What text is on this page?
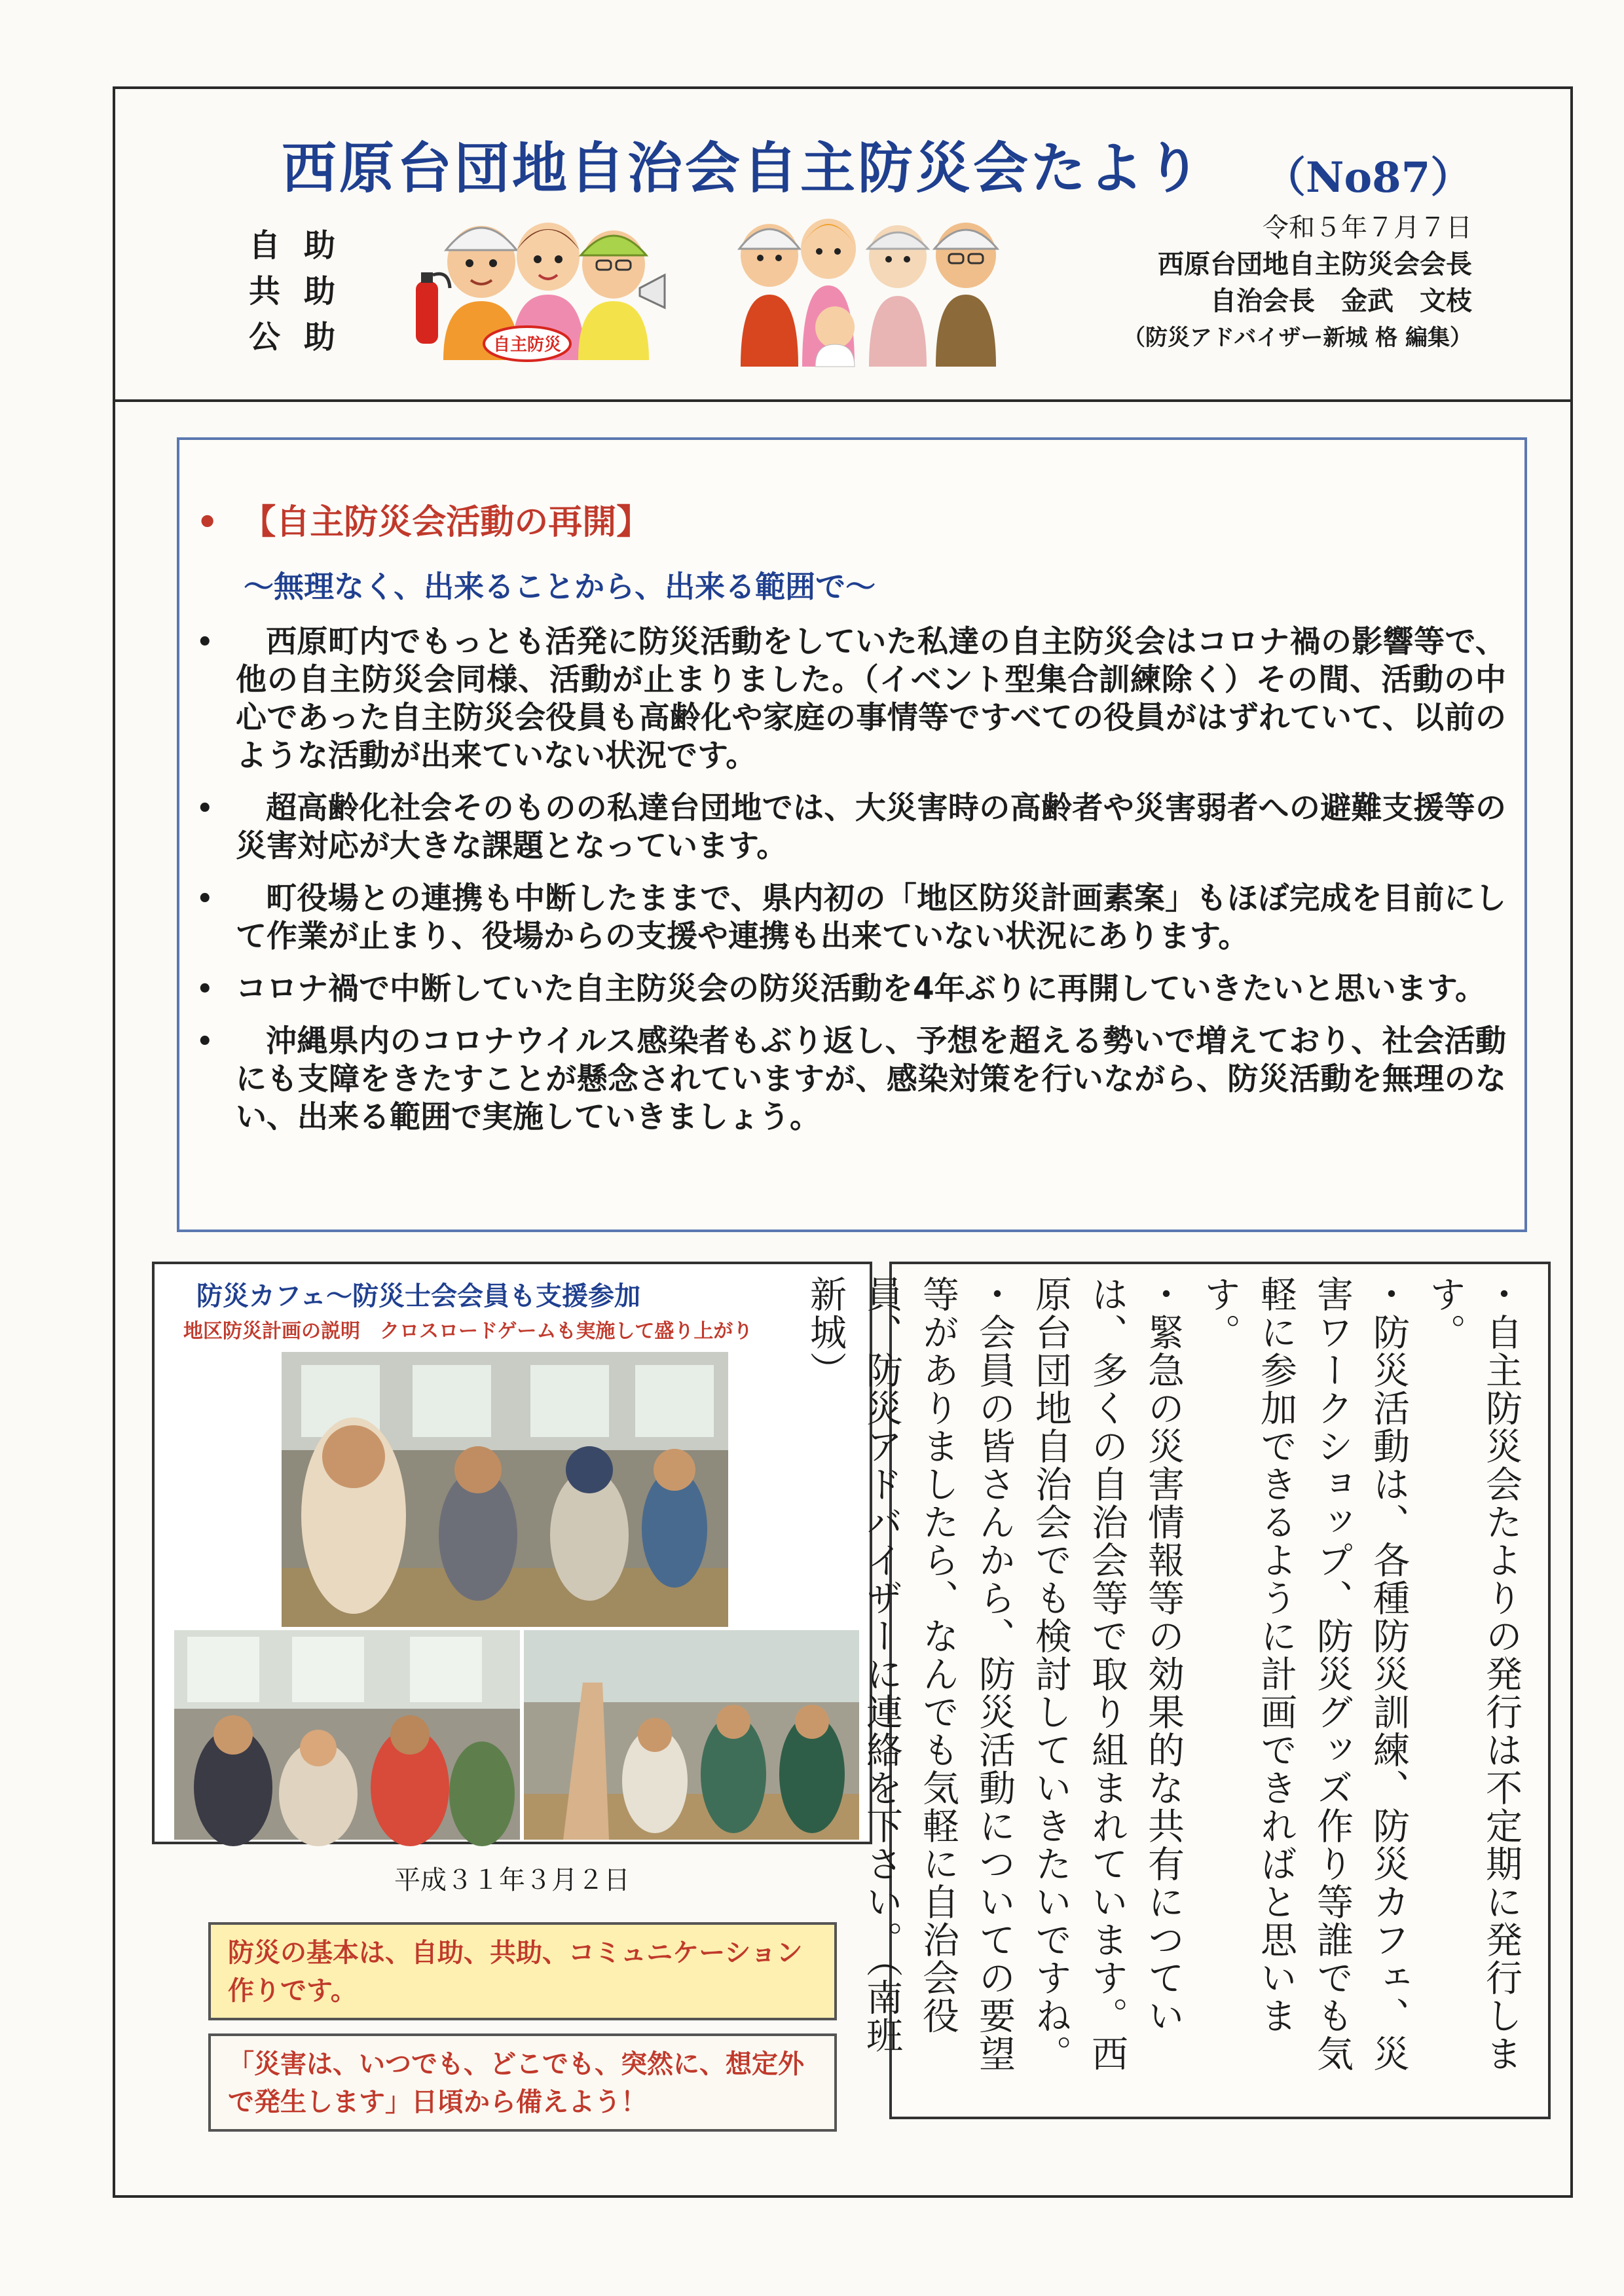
西原台団地自治会自主防災会たより （No87）
自助
共助
公助	自主防災
令和５年７月７日
西原台団地自主防災会会長
自治会長　金武　文枝
（防災アドバイザー新城 格 編集）
• 【自主防災会活動の再開】
～無理なく、出来ることから、出来る範囲で～
• 西原町内でもっとも活発に防災活動をしていた私達の自主防災会はコロナ禍の影響等で、他の自主防災会同様、活動が止まりました。（イベント型集合訓練除く）その間、活動の中心であった自主防災会役員も高齢化や家庭の事情等ですべての役員がはずれていて、以前のような活動が出来ていない状況です。
• 超高齢化社会そのものの私達台団地では、大災害時の高齢者や災害弱者への避難支援等の災害対応が大きな課題となっています。
• 町役場との連携も中断したままで、県内初の「地区防災計画素案」もほぼ完成を目前にして作業が止まり、役場からの支援や連携も出来ていない状況にあります。
• コロナ禍で中断していた自主防災会の防災活動を4年ぶりに再開していきたいと思います。
• 沖縄県内のコロナウイルス感染者もぶり返し、予想を超える勢いで増えており、社会活動にも支障をきたすことが懸念されていますが、感染対策を行いながら、防災活動を無理のない、出来る範囲で実施していきましょう。
防災カフェ～防災士会会員も支援参加
地区防災計画の説明　クロスロードゲームも実施して盛り上がり
平成３１年３月２日
防災の基本は、自助、共助、コミュニケーション作りです。
「災害は、いつでも、どこでも、突然に、想定外で発生します」日頃から備えよう！

・自主防災会たよりの発行は不定期に発行します。

・防災活動は、各種防災訓練、防災カフェ、災害ワークショップ、防災グッズ作り等誰でも気軽に参加できるように計画できればと思います。

・緊急の災害情報等の効果的な共有につていは、多くの自治会等で取り組まれています。西原台団地自治会でも検討していきたいですね。

・会員の皆さんから、防災活動についての要望等がありましたら、なんでも気軽に自治会役員、防災アドバイザーに連絡を下さい。（南班　新城）
